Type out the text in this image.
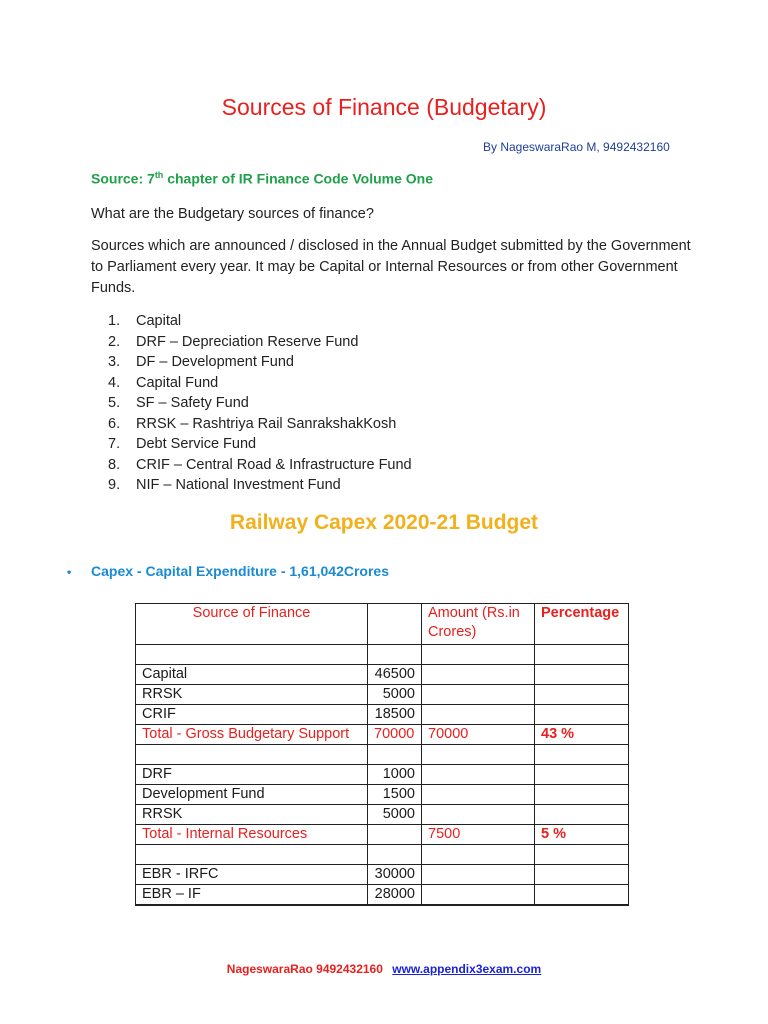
Sources of Finance (Budgetary)
By NageswaraRao M, 9492432160
Source: 7th chapter of IR Finance Code Volume One
What are the Budgetary sources of finance?
Sources which are announced / disclosed in the Annual Budget submitted by the Government to Parliament every year. It may be Capital or Internal Resources or from other Government Funds.
1. Capital
2. DRF – Depreciation Reserve Fund
3. DF – Development Fund
4. Capital Fund
5. SF – Safety Fund
6. RRSK – Rashtriya Rail SanrakshakKosh
7. Debt Service Fund
8. CRIF – Central Road & Infrastructure Fund
9. NIF – National Investment Fund
Railway Capex 2020-21 Budget
• Capex - Capital Expenditure - 1,61,042Crores
Source of Finance		Amount (Rs.in Crores)	Percentage

Capital	46500		
RRSK	5000		
CRIF	18500		
Total - Gross Budgetary Support	70000	70000	43 %

DRF	1000		
Development Fund	1500		
RRSK	5000		
Total - Internal Resources		7500	5 %

EBR - IRFC	30000		
EBR – IF	28000		
NageswaraRao 9492432160 www.appendix3exam.com
